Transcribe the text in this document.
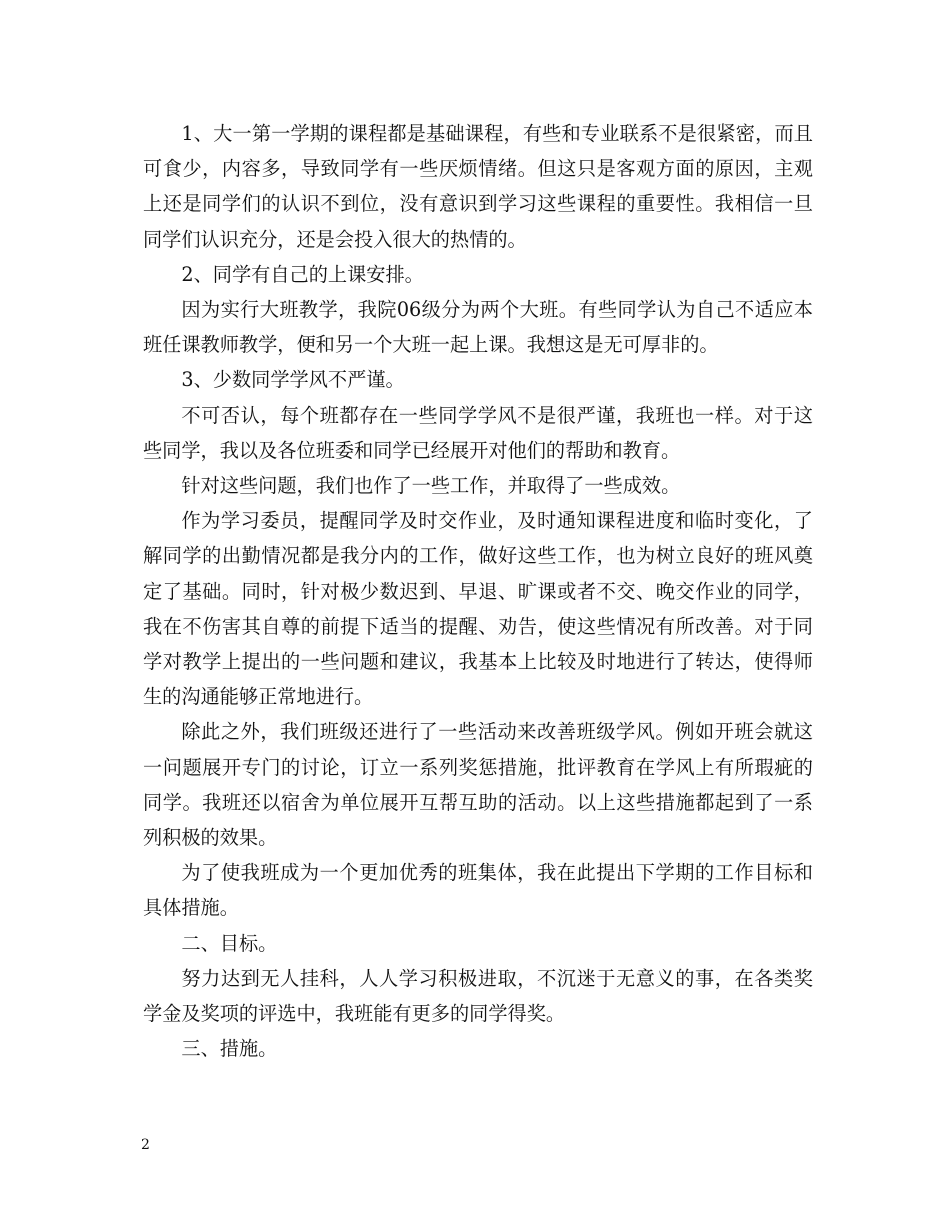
1、大一第一学期的课程都是基础课程，有些和专业联系不是很紧密，而且可食少，内容多，导致同学有一些厌烦情绪。但这只是客观方面的原因，主观上还是同学们的认识不到位，没有意识到学习这些课程的重要性。我相信一旦同学们认识充分，还是会投入很大的热情的。

2、同学有自己的上课安排。

因为实行大班教学，我院06级分为两个大班。有些同学认为自己不适应本班任课教师教学，便和另一个大班一起上课。我想这是无可厚非的。

3、少数同学学风不严谨。

不可否认，每个班都存在一些同学学风不是很严谨，我班也一样。对于这些同学，我以及各位班委和同学已经展开对他们的帮助和教育。

针对这些问题，我们也作了一些工作，并取得了一些成效。

作为学习委员，提醒同学及时交作业，及时通知课程进度和临时变化，了解同学的出勤情况都是我分内的工作，做好这些工作，也为树立良好的班风奠定了基础。同时，针对极少数迟到、早退、旷课或者不交、晚交作业的同学，我在不伤害其自尊的前提下适当的提醒、劝告，使这些情况有所改善。对于同学对教学上提出的一些问题和建议，我基本上比较及时地进行了转达，使得师生的沟通能够正常地进行。

除此之外，我们班级还进行了一些活动来改善班级学风。例如开班会就这一问题展开专门的讨论，订立一系列奖惩措施，批评教育在学风上有所瑕疵的同学。我班还以宿舍为单位展开互帮互助的活动。以上这些措施都起到了一系列积极的效果。

为了使我班成为一个更加优秀的班集体，我在此提出下学期的工作目标和具体措施。

二、目标。

努力达到无人挂科，人人学习积极进取，不沉迷于无意义的事，在各类奖学金及奖项的评选中，我班能有更多的同学得奖。

三、措施。

2
